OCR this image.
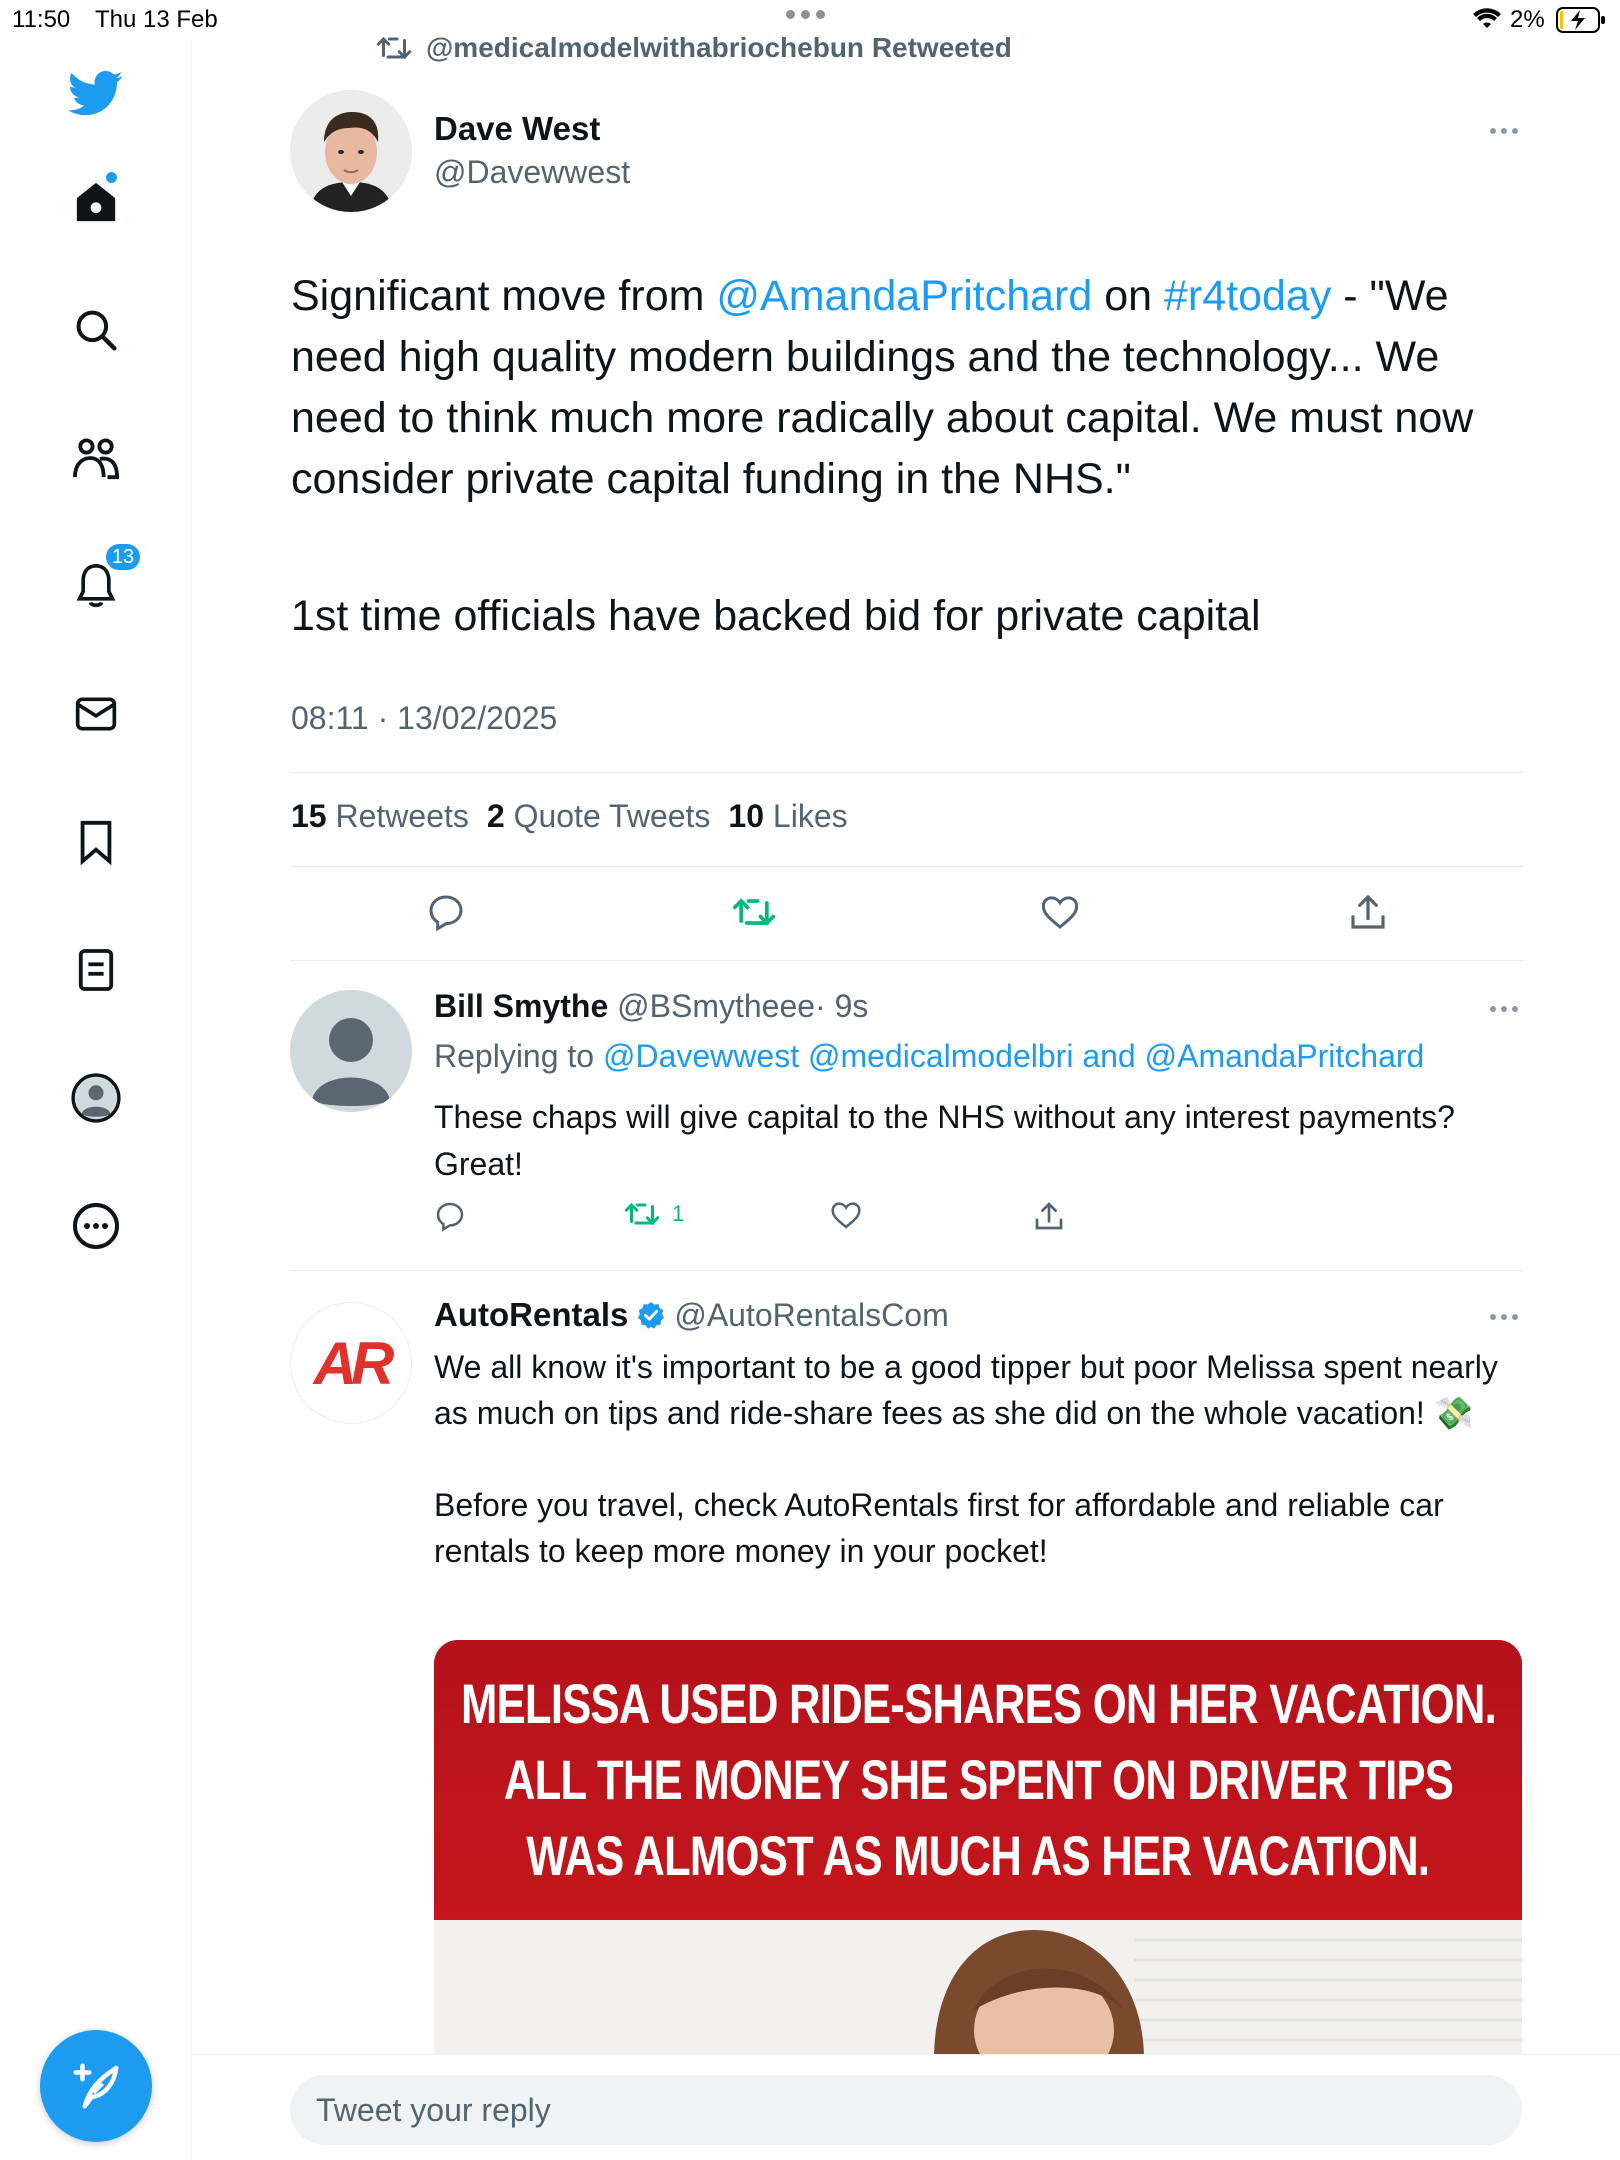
11:50 Thu 13 Feb	2%
13
@medicalmodelwithabriochebun Retweeted
Dave West
@Davewwest
Significant move from @AmandaPritchard on #r4today - "We need high quality modern buildings and the technology... We need to think much more radically about capital. We must now consider private capital funding in the NHS."
1st time officials have backed bid for private capital
08:11 · 13/02/2025
15 Retweets 2 Quote Tweets 10 Likes
Bill Smythe @BSmytheee· 9s
Replying to @Davewwest @medicalmodelbri and @AmandaPritchard
These chaps will give capital to the NHS without any interest payments? Great!
1
AR
AutoRentals @AutoRentalsCom

We all know it's important to be a good tipper but poor Melissa spent nearly as much on tips and ride-share fees as she did on the whole vacation! 💸

Before you travel, check AutoRentals first for affordable and reliable car rentals to keep more money in your pocket!

MELISSA USED RIDE-SHARES ON HER VACATION.
ALL THE MONEY SHE SPENT ON DRIVER TIPS
WAS ALMOST AS MUCH AS HER VACATION.
Tweet your reply
